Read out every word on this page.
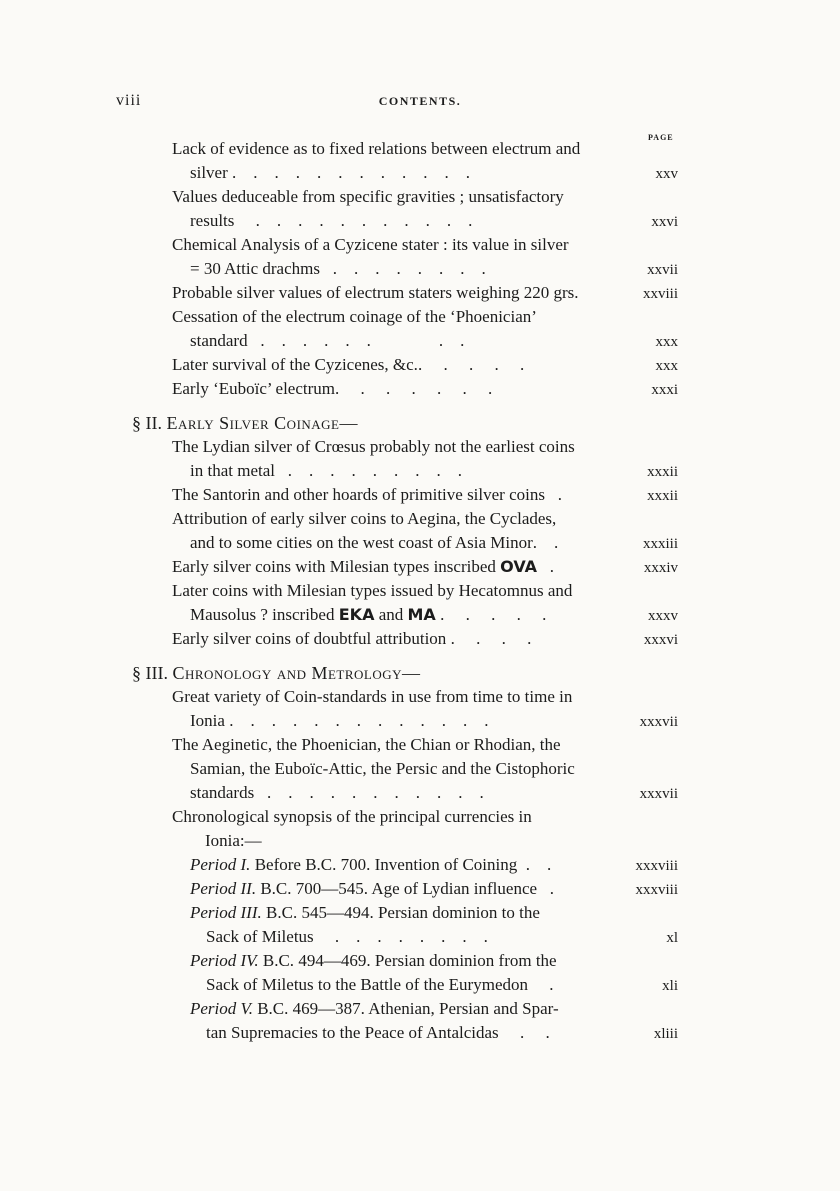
viii	CONTENTS.
PAGE
Lack of evidence as to fixed relations between electrum and
silver .    .    .    .    .    .    .    .    .    .    .    .	xxv
Values deduceable from specific gravities ; unsatisfactory
results     .    .    .    .    .    .    .    .    .    .    .	xxvi
Chemical Analysis of a Cyzicene stater : its value in silver
= 30 Attic drachms   .    .    .    .    .    .    .    .	xxvii
Probable silver values of electrum staters weighing 220 grs.	xxviii
Cessation of the electrum coinage of the ‘Phoenician’
standard   .    .    .    .    .    .                .    .	xxx
Later survival of the Cyzicenes, &c..     .     .     .     .	xxx
Early ‘Euboïc’ electrum.     .     .     .     .     .     .	xxxi
§ II. Early Silver Coinage—
The Lydian silver of Crœsus probably not the earliest coins
in that metal   .    .    .    .    .    .    .    .    .	xxxii
The Santorin and other hoards of primitive silver coins   .	xxxii
Attribution of early silver coins to Aegina, the Cyclades,
and to some cities on the west coast of Asia Minor.    .	xxxiii
Early silver coins with Milesian types inscribed OVA   .	xxxiv
Later coins with Milesian types issued by Hecatomnus and
Mausolus ? inscribed EKA and MA .     .     .     .     .	xxxv
Early silver coins of doubtful attribution .     .     .     .	xxxvi
§ III. Chronology and Metrology—
Great variety of Coin-standards in use from time to time in
Ionia .    .    .    .    .    .    .    .    .    .    .    .    .	xxxvii
The Aeginetic, the Phoenician, the Chian or Rhodian, the
Samian, the Euboïc-Attic, the Persic and the Cistophoric
standards   .    .    .    .    .    .    .    .    .    .    .	xxxvii
Chronological synopsis of the principal currencies in
Ionia:—
Period I. Before B.C. 700. Invention of Coining  .    .	xxxviii
Period II. B.C. 700—545. Age of Lydian influence   .	xxxviii
Period III. B.C. 545—494. Persian dominion to the
Sack of Miletus     .    .    .    .    .    .    .    .	xl
Period IV. B.C. 494—469. Persian dominion from the
Sack of Miletus to the Battle of the Eurymedon     .	xli
Period V. B.C. 469—387. Athenian, Persian and Spar-
tan Supremacies to the Peace of Antalcidas     .     .	xliii
